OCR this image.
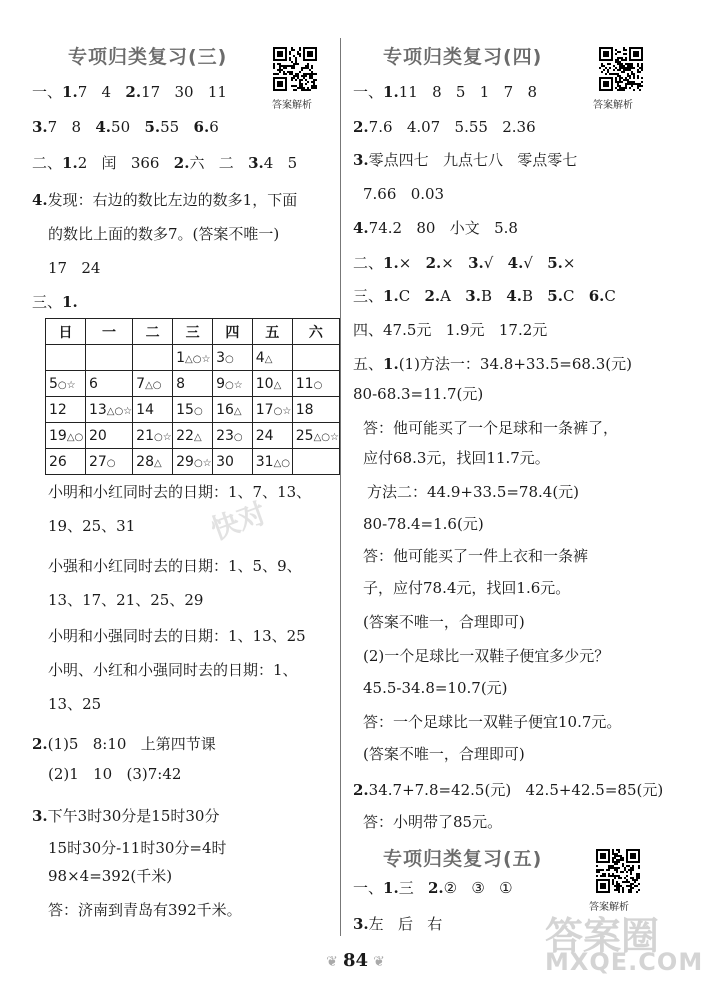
专项归类复习(三)
答案解析
一、1.7   4   2.17   30   11
3.7   8   4.50   5.55   6.6
二、1.2   闰   366   2.六   二   3.4   5
4.发现：右边的数比左边的数多1，下面
的数比上面的数多7。(答案不唯一)
17   24
三、1.
小明和小红同时去的日期：1、7、13、
19、25、31
小强和小红同时去的日期：1、5、9、
13、17、21、25、29
小明和小强同时去的日期：1、13、25
小明、小红和小强同时去的日期：1、
13、25
2.(1)5   8:10   上第四节课
(2)1   10   (3)7:42
3.下午3时30分是15时30分
15时30分-11时30分=4时
98×4=392(千米)
答：济南到青岛有392千米。
日	一	二	三	四	五	六
			1△○☆	3○	4△	
5○☆	6	7△○	8	9○☆	10△	11○
12	13△○☆	14	15○	16△	17○☆	18
19△○	20	21○☆	22△	23○	24	25△○☆
26	27○	28△	29○☆	30	31△○	
专项归类复习(四)
答案解析
专项归类复习(五)
答案解析
一、1.11   8   5   1   7   8
2.7.6   4.07   5.55   2.36
3.零点四七   九点七八   零点零七
7.66   0.03
4.74.2   80   小文   5.8
二、1.×   2.×   3.√   4.√   5.×
三、1.C   2.A   3.B   4.B   5.C   6.C
四、47.5元   1.9元   17.2元
五、1.(1)方法一：34.8+33.5=68.3(元)
80-68.3=11.7(元)
答：他可能买了一个足球和一条裤了，
应付68.3元，找回11.7元。
方法二：44.9+33.5=78.4(元)
80-78.4=1.6(元)
答：他可能买了一件上衣和一条裤
子，应付78.4元，找回1.6元。
(答案不唯一，合理即可)
(2)一个足球比一双鞋子便宜多少元？
45.5-34.8=10.7(元)
答：一个足球比一双鞋子便宜10.7元。
(答案不唯一，合理即可)
2.34.7+7.8=42.5(元)   42.5+42.5=85(元)
答：小明带了85元。
一、1.三   2.②   ③   ①
3.左   后   右	答案圈
MXQE.COM
快对
❦ 84 ❦
